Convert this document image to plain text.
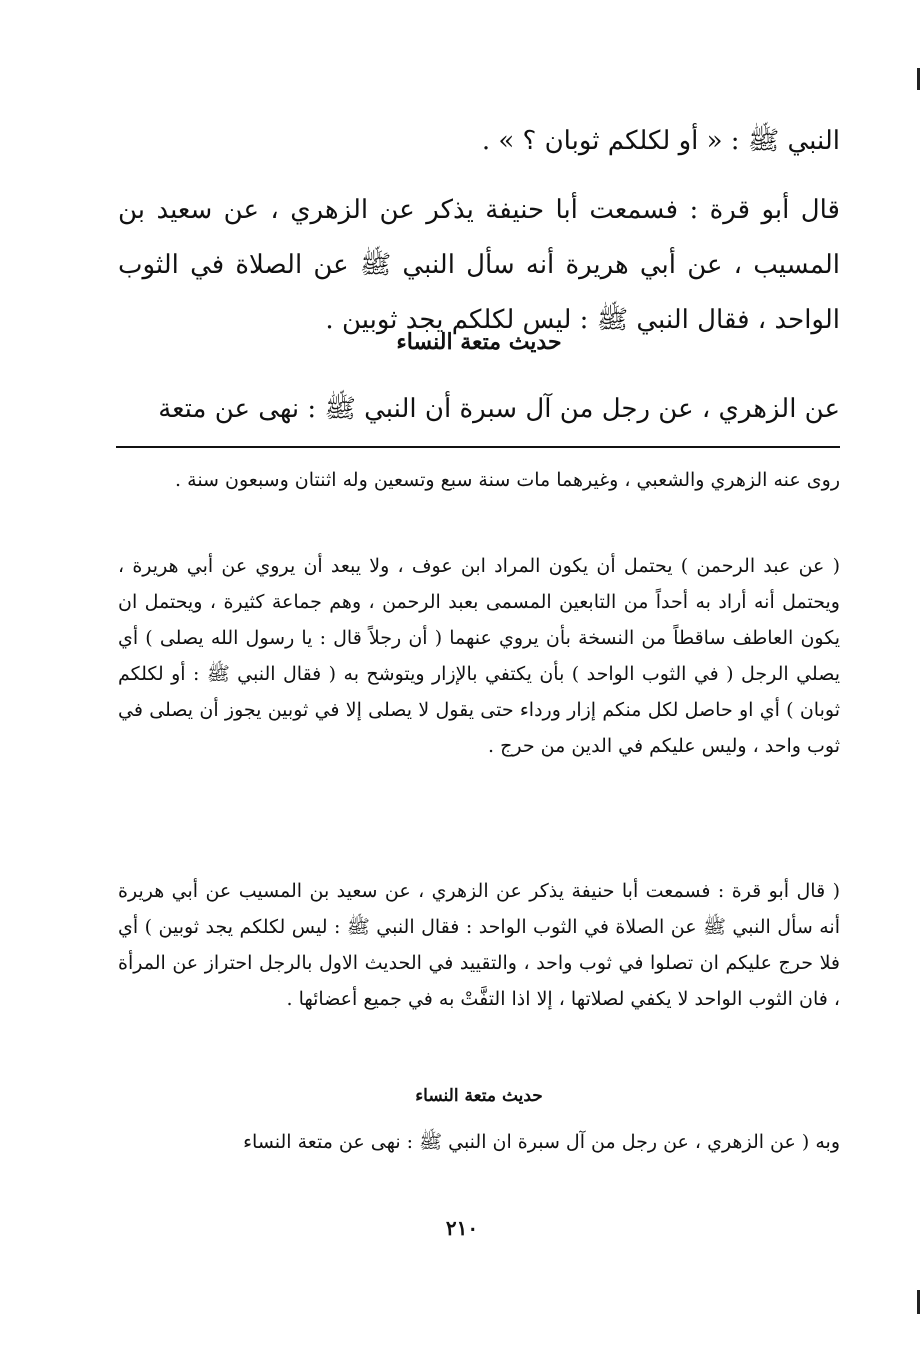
النبي ﷺ : « أو لكلكم ثوبان ؟ » .

قال أبو قرة : فسمعت أبا حنيفة يذكر عن الزهري ، عن سعيد بن المسيب ، عن أبي هريرة أنه سأل النبي ﷺ عن الصلاة في الثوب الواحد ، فقال النبي ﷺ : ليس لكلكم يجد ثوبين .

حديث متعة النساء

عن الزهري ، عن رجل من آل سبرة أن النبي ﷺ : نهى عن متعة

روى عنه الزهري والشعبي ، وغيرهما مات سنة سبع وتسعين وله اثنتان وسبعون سنة .

( عن عبد الرحمن ) يحتمل أن يكون المراد ابن عوف ، ولا يبعد أن يروي عن أبي هريرة ، ويحتمل أنه أراد به أحداً من التابعين المسمى بعبد الرحمن ، وهم جماعة كثيرة ، ويحتمل ان يكون العاطف ساقطاً من النسخة بأن يروي عنهما ( أن رجلاً قال : يا رسول الله يصلى ) أي يصلي الرجل ( في الثوب الواحد ) بأن يكتفي بالإزار ويتوشح به ( فقال النبي ﷺ : أو لكلكم ثوبان ) أي او حاصل لكل منكم إزار ورداء حتى يقول لا يصلى إلا في ثوبين يجوز أن يصلى في ثوب واحد ، وليس عليكم في الدين من حرج .

( قال أبو قرة : فسمعت أبا حنيفة يذكر عن الزهري ، عن سعيد بن المسيب عن أبي هريرة أنه سأل النبي ﷺ عن الصلاة في الثوب الواحد : فقال النبي ﷺ : ليس لكلكم يجد ثوبين ) أي فلا حرج عليكم ان تصلوا في ثوب واحد ، والتقييد في الحديث الاول بالرجل احتراز عن المرأة ، فان الثوب الواحد لا يكفي لصلاتها ، إلا اذا التفَّتْ به في جميع أعضائها .

حديث متعة النساء

وبه ( عن الزهري ، عن رجل من آل سبرة ان النبي ﷺ : نهى عن متعة النساء

٢١٠
